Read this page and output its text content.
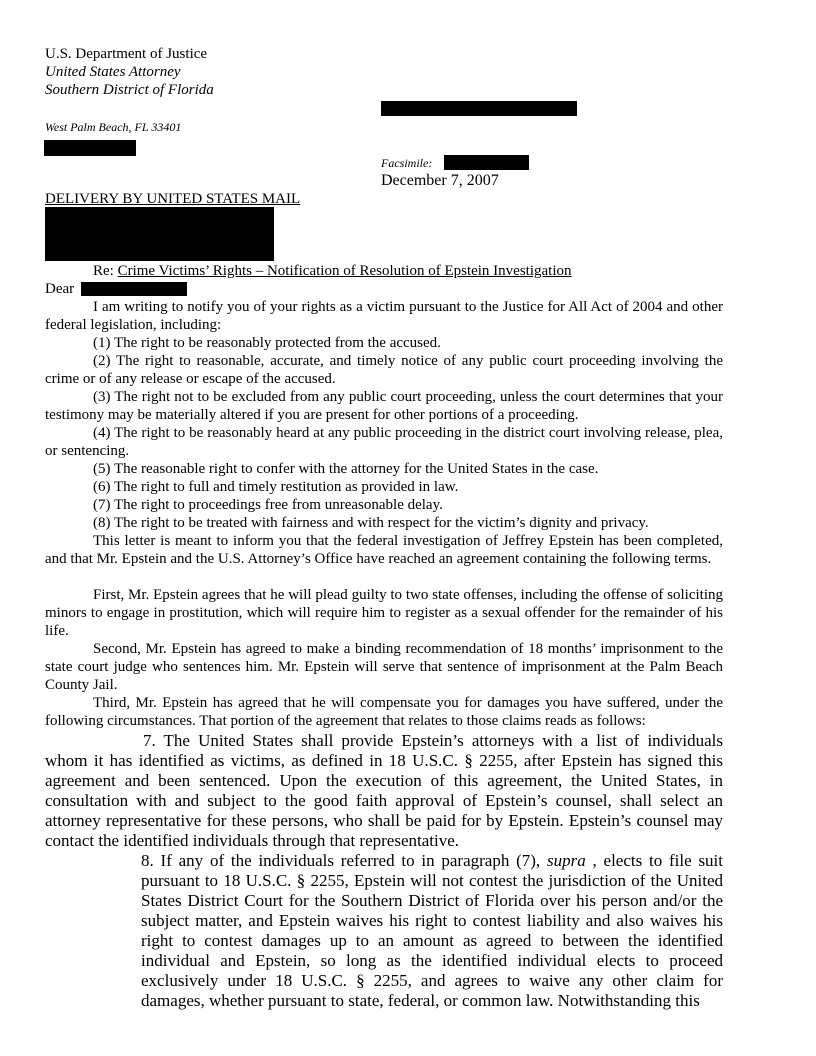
U.S. Department of Justice
United States Attorney
Southern District of Florida
West Palm Beach, FL 33401
Facsimile:
December 7, 2007
DELIVERY BY UNITED STATES MAIL
Re: Crime Victims’ Rights – Notification of Resolution of Epstein Investigation
Dear

I am writing to notify you of your rights as a victim pursuant to the Justice for All Act of 2004 and other federal legislation, including:

(1) The right to be reasonably protected from the accused.

(2) The right to reasonable, accurate, and timely notice of any public court proceeding involving the crime or of any release or escape of the accused.

(3) The right not to be excluded from any public court proceeding, unless the court determines that your testimony may be materially altered if you are present for other portions of a proceeding.

(4) The right to be reasonably heard at any public proceeding in the district court involving release, plea, or sentencing.

(5) The reasonable right to confer with the attorney for the United States in the case.

(6) The right to full and timely restitution as provided in law.

(7) The right to proceedings free from unreasonable delay.

(8) The right to be treated with fairness and with respect for the victim’s dignity and privacy.

This letter is meant to inform you that the federal investigation of Jeffrey Epstein has been completed, and that Mr. Epstein and the U.S. Attorney’s Office have reached an agreement containing the following terms.

First, Mr. Epstein agrees that he will plead guilty to two state offenses, including the offense of soliciting minors to engage in prostitution, which will require him to register as a sexual offender for the remainder of his life.

Second, Mr. Epstein has agreed to make a binding recommendation of 18 months’ imprisonment to the state court judge who sentences him. Mr. Epstein will serve that sentence of imprisonment at the Palm Beach County Jail.

Third, Mr. Epstein has agreed that he will compensate you for damages you have suffered, under the following circumstances. That portion of the agreement that relates to those claims reads as follows:

7. The United States shall provide Epstein’s attorneys with a list of individuals whom it has identified as victims, as defined in 18 U.S.C. § 2255, after Epstein has signed this agreement and been sentenced. Upon the execution of this agreement, the United States, in consultation with and subject to the good faith approval of Epstein’s counsel, shall select an attorney representative for these persons, who shall be paid for by Epstein. Epstein’s counsel may contact the identified individuals through that representative.

8. If any of the individuals referred to in paragraph (7), supra , elects to file suit pursuant to 18 U.S.C. § 2255, Epstein will not contest the jurisdiction of the United States District Court for the Southern District of Florida over his person and/or the subject matter, and Epstein waives his right to contest liability and also waives his right to contest damages up to an amount as agreed to between the identified individual and Epstein, so long as the identified individual elects to proceed exclusively under 18 U.S.C. § 2255, and agrees to waive any other claim for damages, whether pursuant to state, federal, or common law. Notwithstanding this
